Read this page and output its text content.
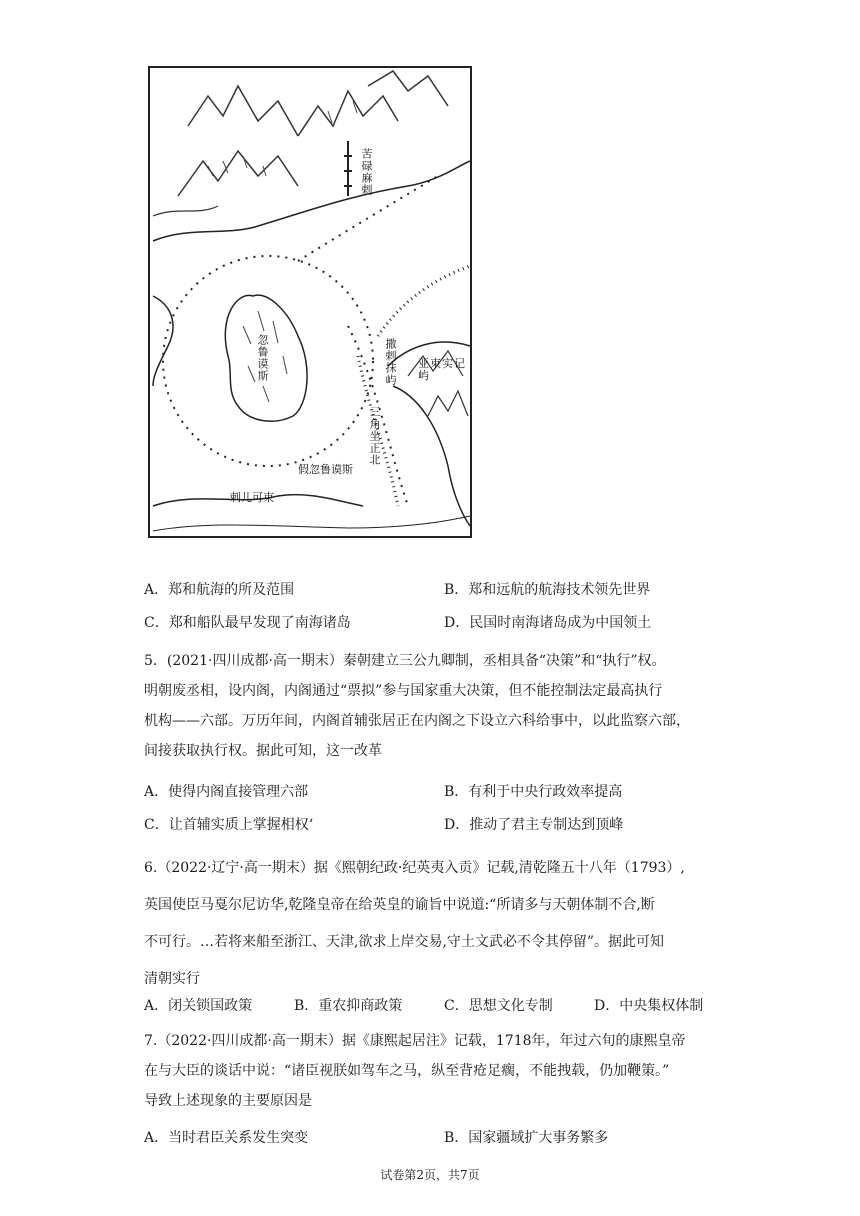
苦碌麻剌
忽鲁谟斯	撒剌抹屿 亚束实记屿
三角坐正北
假忽鲁谟斯
剌儿可束
A．郑和航海的所及范围	B．郑和远航的航海技术领先世界
C．郑和船队最早发现了南海诸岛	D．民国时南海诸岛成为中国领土
5．(2021·四川成都·高一期末）秦朝建立三公九卿制，丞相具备“决策”和“执行”权。
明朝废丞相，设内阁，内阁通过“票拟”参与国家重大决策，但不能控制法定最高执行
机构——六部。万历年间，内阁首辅张居正在内阁之下设立六科给事中，以此监察六部，
间接获取执行权。据此可知，这一改革
A．使得内阁直接管理六部	B．有利于中央行政效率提高
C．让首辅实质上掌握相权‘	D．推动了君主专制达到顶峰
6.（2022·辽宁·高一期末）据《熙朝纪政·纪英夷入贡》记载,清乾隆五十八年（1793）,
英国使臣马戛尔尼访华,乾隆皇帝在给英皇的谕旨中说道:“所请多与天朝体制不合,断
不可行。…若将来船至浙江、天津,欲求上岸交易,守土文武必不令其停留”。据此可知
清朝实行
A．闭关锁国政策	B．重农抑商政策	C．思想文化专制	D．中央集权体制
7.（2022·四川成都·高一期末）据《康熙起居注》记载，1718年，年过六旬的康熙皇帝
在与大臣的谈话中说：“诸臣视朕如驾车之马，纵至背疮足瘸，不能拽载，仍加鞭策。”
导致上述现象的主要原因是
A．当时君臣关系发生突变	B．国家疆域扩大事务繁多
试卷第2页，共7页
